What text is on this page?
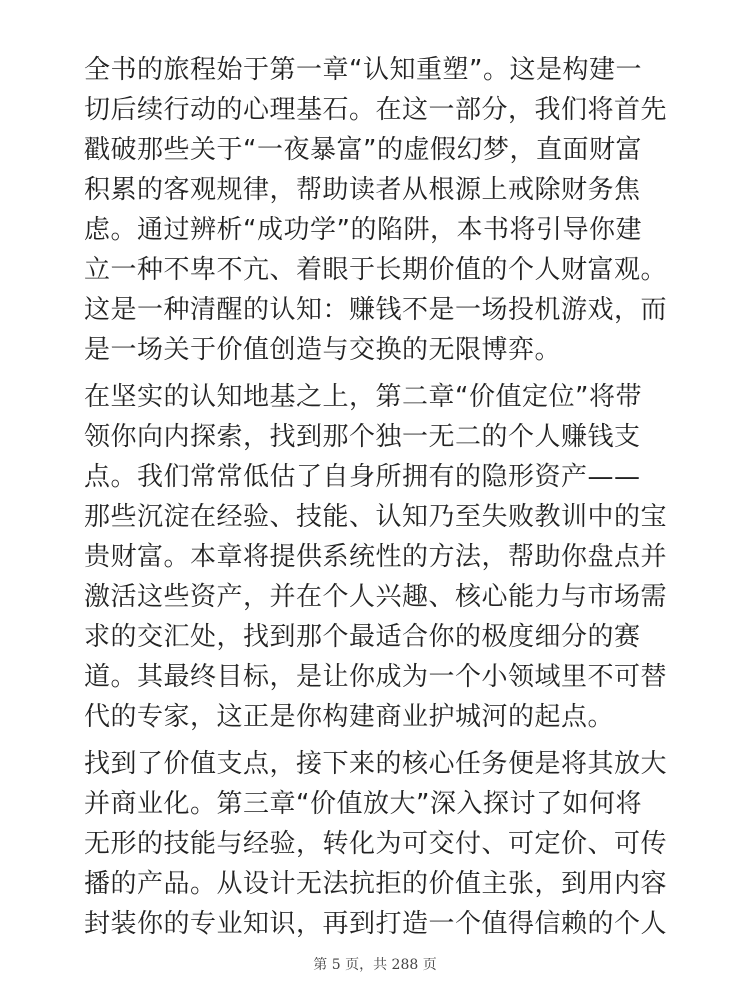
全书的旅程始于第一章“认知重塑”。这是构建一
切后续行动的心理基石。在这一部分，我们将首先
戳破那些关于“一夜暴富”的虚假幻梦，直面财富
积累的客观规律，帮助读者从根源上戒除财务焦
虑。通过辨析“成功学”的陷阱，本书将引导你建
立一种不卑不亢、着眼于长期价值的个人财富观。
这是一种清醒的认知：赚钱不是一场投机游戏，而
是一场关于价值创造与交换的无限博弈。

在坚实的认知地基之上，第二章“价值定位”将带
领你向内探索，找到那个独一无二的个人赚钱支
点。我们常常低估了自身所拥有的隐形资产——
那些沉淀在经验、技能、认知乃至失败教训中的宝
贵财富。本章将提供系统性的方法，帮助你盘点并
激活这些资产，并在个人兴趣、核心能力与市场需
求的交汇处，找到那个最适合你的极度细分的赛
道。其最终目标，是让你成为一个小领域里不可替
代的专家，这正是你构建商业护城河的起点。

找到了价值支点，接下来的核心任务便是将其放大
并商业化。第三章“价值放大”深入探讨了如何将
无形的技能与经验，转化为可交付、可定价、可传
播的产品。从设计无法抗拒的价值主张，到用内容
封装你的专业知识，再到打造一个值得信赖的个人

第 5 页，共 288 页
